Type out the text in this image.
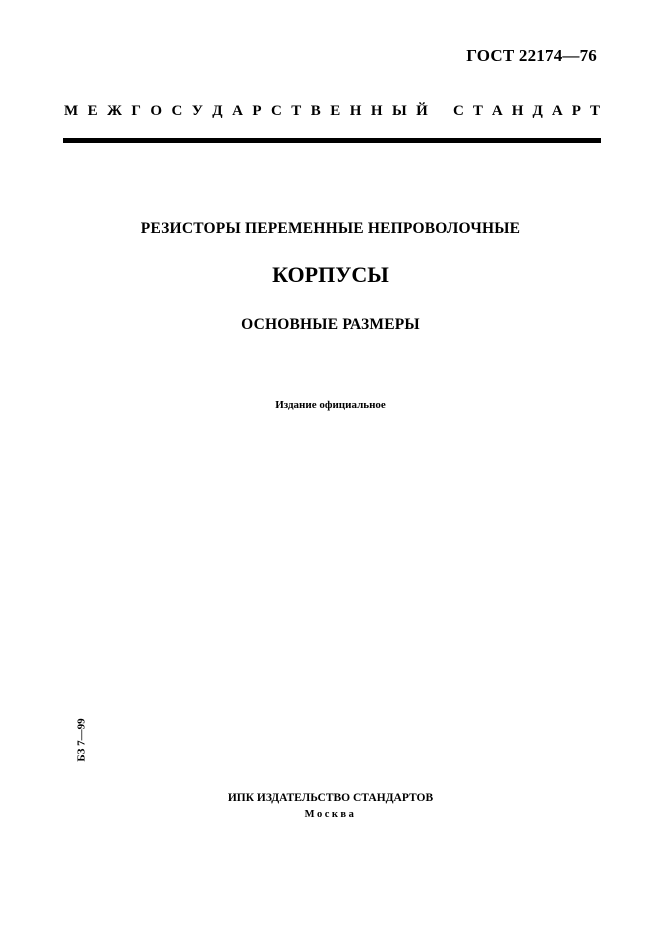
ГОСТ 22174—76
М Е Ж Г О С У Д А Р С Т В Е Н Н Ы Й С Т А Н Д А Р Т
РЕЗИСТОРЫ ПЕРЕМЕННЫЕ НЕПРОВОЛОЧНЫЕ
КОРПУСЫ
ОСНОВНЫЕ РАЗМЕРЫ
Издание официальное
БЗ 7—99
ИПК ИЗДАТЕЛЬСТВО СТАНДАРТОВ
Москва
